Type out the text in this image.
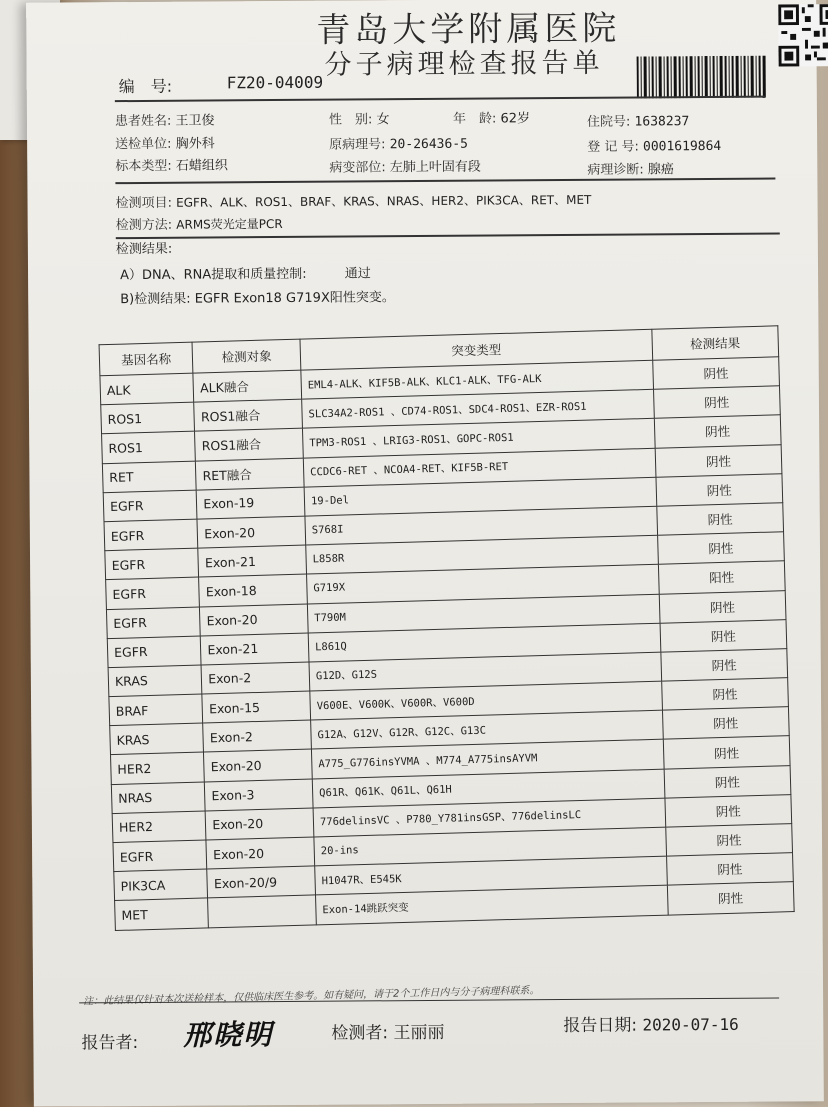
青岛大学附属医院
分子病理检查报告单
编　号:	FZ20-04009
患者姓名: 王卫俊	性　别: 女	年　龄: 62岁	住院号: 1638237
送检单位: 胸外科	原病理号: 20-26436-5	登 记 号: 0001619864
标本类型: 石蜡组织	病变部位: 左肺上叶固有段	病理诊断: 腺癌
检测项目: EGFR、ALK、ROS1、BRAF、KRAS、NRAS、HER2、PIK3CA、RET、MET
检测方法: ARMS荧光定量PCR
检测结果:
A）DNA、RNA提取和质量控制:	通过
B)检测结果: EGFR Exon18 G719X阳性突变。
基因名称	检测对象	突变类型	检测结果
ALK	ALK融合	EML4-ALK、KIF5B-ALK、KLC1-ALK、TFG-ALK	阴性
ROS1	ROS1融合	SLC34A2-ROS1 、CD74-ROS1、SDC4-ROS1、EZR-ROS1	阴性
ROS1	ROS1融合	TPM3-ROS1 、LRIG3-ROS1、GOPC-ROS1	阴性
RET	RET融合	CCDC6-RET 、NCOA4-RET、KIF5B-RET	阴性
EGFR	Exon-19	19-Del	阴性
EGFR	Exon-20	S768I	阴性
EGFR	Exon-21	L858R	阴性
EGFR	Exon-18	G719X	阳性
EGFR	Exon-20	T790M	阴性
EGFR	Exon-21	L861Q	阴性
KRAS	Exon-2	G12D、G12S	阴性
BRAF	Exon-15	V600E、V600K、V600R、V600D	阴性
KRAS	Exon-2	G12A、G12V、G12R、G12C、G13C	阴性
HER2	Exon-20	A775_G776insYVMA 、M774_A775insAYVM	阴性
NRAS	Exon-3	Q61R、Q61K、Q61L、Q61H	阴性
HER2	Exon-20	776delinsVC 、P780_Y781insGSP、776delinsLC	阴性
EGFR	Exon-20	20-ins	阴性
PIK3CA	Exon-20/9	H1047R、E545K	阴性
MET		Exon-14跳跃突变	阴性
注：此结果仅针对本次送检样本，仅供临床医生参考。如有疑问，请于2个工作日内与分子病理科联系。
报告者: 邢晓明	检测者: 王丽丽	报告日期: 2020-07-16
